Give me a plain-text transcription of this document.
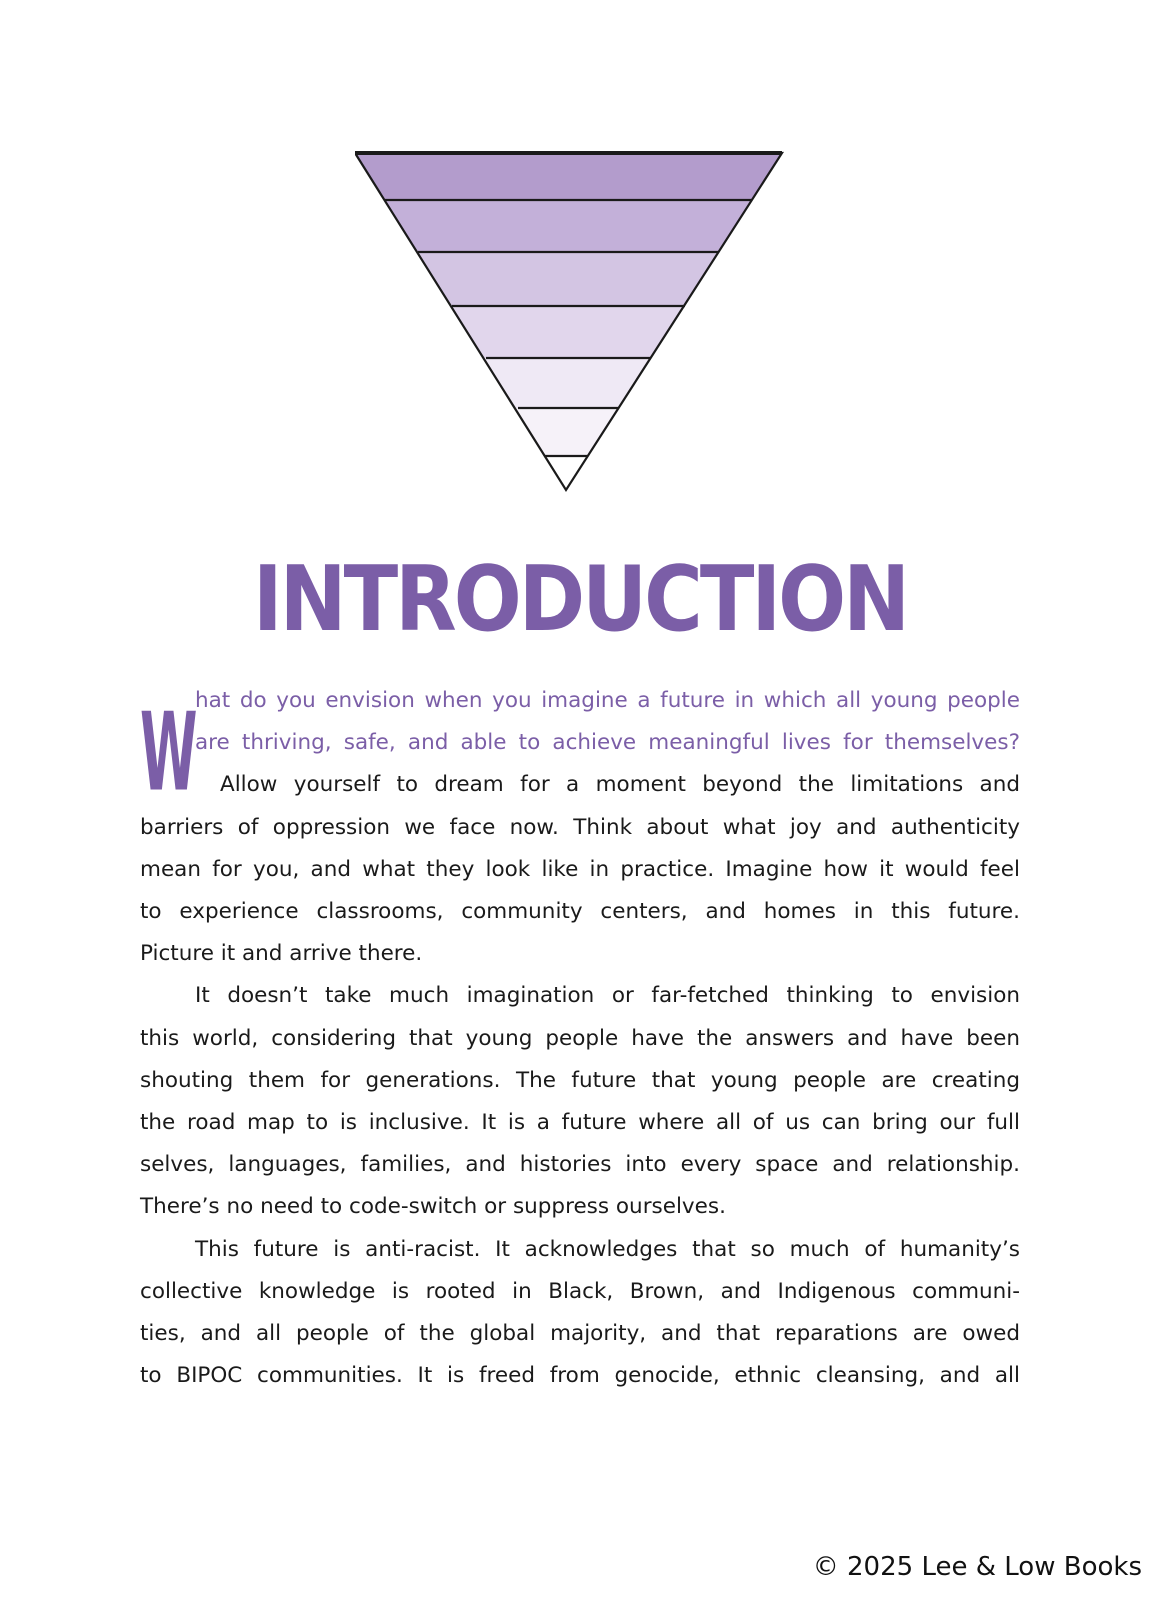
INTRODUCTION
W

hat do you envision when you imagine a future in which all young people
are thriving, safe, and able to achieve meaningful lives for themselves?

Allow yourself to dream for a moment beyond the limitations and
barriers of oppression we face now. Think about what joy and authenticity
mean for you, and what they look like in practice. Imagine how it would feel
to experience classrooms, community centers, and homes in this future.
Picture it and arrive there.

It doesn’t take much imagination or far-fetched thinking to envision
this world, considering that young people have the answers and have been
shouting them for generations. The future that young people are creating
the road map to is inclusive. It is a future where all of us can bring our full
selves, languages, families, and histories into every space and relationship.
There’s no need to code-switch or suppress ourselves.

This future is anti-racist. It acknowledges that so much of humanity’s
collective knowledge is rooted in Black, Brown, and Indigenous communi-
ties, and all people of the global majority, and that reparations are owed
to BIPOC communities. It is freed from genocide, ethnic cleansing, and all

© 2025 Lee & Low Books
